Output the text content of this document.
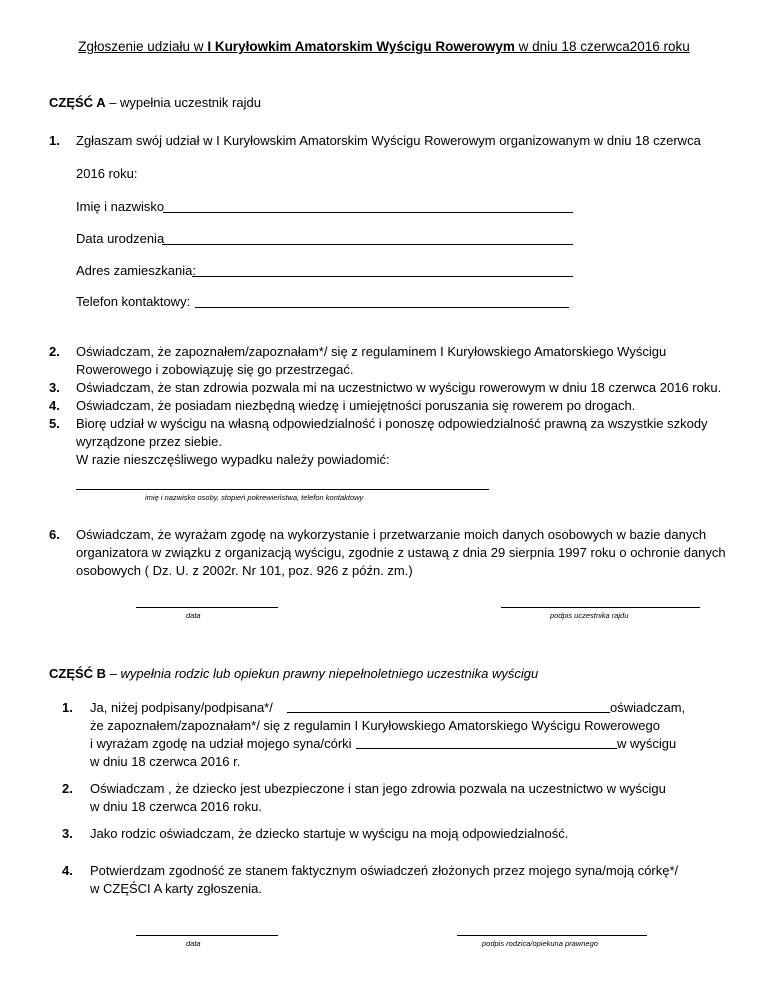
Zgłoszenie udziału w I Kuryłowkim Amatorskim Wyścigu Rowerowym w dniu 18 czerwca2016 roku
CZĘŚĆ A – wypełnia uczestnik rajdu
1. Zgłaszam swój udział w I Kuryłowskim Amatorskim Wyścigu Rowerowym organizowanym w dniu 18 czerwca
2016 roku:
Imię i nazwisko
Data urodzenia
Adres zamieszkania:
Telefon kontaktowy:
2. Oświadczam, że zapoznałem/zapoznałam*/ się z regulaminem I Kuryłowskiego Amatorskiego Wyścigu
Rowerowego i zobowiązuję się go przestrzegać.
3. Oświadczam, że stan zdrowia pozwala mi na uczestnictwo w wyścigu rowerowym w dniu 18 czerwca 2016 roku.
4. Oświadczam, że posiadam niezbędną wiedzę i umiejętności poruszania się rowerem po drogach.
5. Biorę udział w wyścigu na własną odpowiedzialność i ponoszę odpowiedzialność prawną za wszystkie szkody
wyrządzone przez siebie.
W razie nieszczęśliwego wypadku należy powiadomić:
imię i nazwisko osoby, stopień pokrewieństwa, telefon kontaktowy
6. Oświadczam, że wyrażam zgodę na wykorzystanie i przetwarzanie moich danych osobowych w bazie danych
organizatora w związku z organizacją wyścigu, zgodnie z ustawą z dnia 29 sierpnia 1997 roku o ochronie danych
osobowych ( Dz. U. z 2002r. Nr 101, poz. 926 z późn. zm.)
data	podpis uczestnika rajdu
CZĘŚĆ B – wypełnia rodzic lub opiekun prawny niepełnoletniego uczestnika wyścigu
1. Ja, niżej podpisany/podpisana*/	oświadczam,
że zapoznałem/zapoznałam*/ się z regulamin I Kuryłowskiego Amatorskiego Wyścigu Rowerowego
i wyrażam zgodę na udział mojego syna/córki	w wyścigu
w dniu 18 czerwca 2016 r.
2. Oświadczam , że dziecko jest ubezpieczone i stan jego zdrowia pozwala na uczestnictwo w wyścigu
w dniu 18 czerwca 2016 roku.
3. Jako rodzic oświadczam, że dziecko startuje w wyścigu na moją odpowiedzialność.
4. Potwierdzam zgodność ze stanem faktycznym oświadczeń złożonych przez mojego syna/moją córkę*/
w CZĘŚCI A karty zgłoszenia.
data	podpis rodzica/opiekuna prawnego
